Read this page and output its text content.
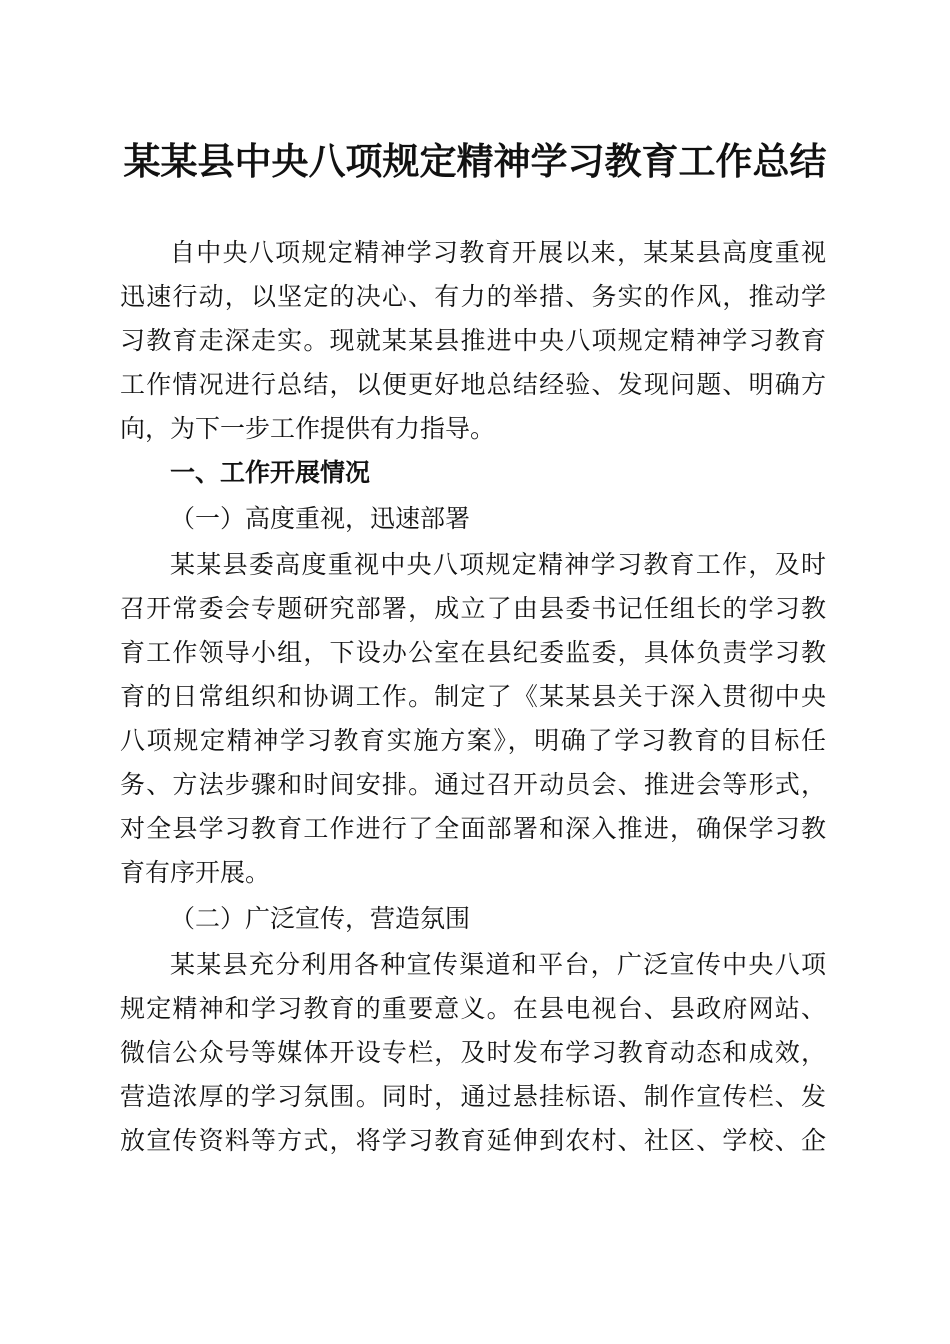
某某县中央八项规定精神学习教育工作总结
自中央八项规定精神学习教育开展以来，某某县高度重视
迅速行动，以坚定的决心、有力的举措、务实的作风，推动学
习教育走深走实。现就某某县推进中央八项规定精神学习教育
工作情况进行总结，以便更好地总结经验、发现问题、明确方
向，为下一步工作提供有力指导。
一、工作开展情况
（一）高度重视，迅速部署
某某县委高度重视中央八项规定精神学习教育工作，及时
召开常委会专题研究部署，成立了由县委书记任组长的学习教
育工作领导小组，下设办公室在县纪委监委，具体负责学习教
育的日常组织和协调工作。制定了《某某县关于深入贯彻中央
八项规定精神学习教育实施方案》，明确了学习教育的目标任
务、方法步骤和时间安排。通过召开动员会、推进会等形式，
对全县学习教育工作进行了全面部署和深入推进，确保学习教
育有序开展。
（二）广泛宣传，营造氛围
某某县充分利用各种宣传渠道和平台，广泛宣传中央八项
规定精神和学习教育的重要意义。在县电视台、县政府网站、
微信公众号等媒体开设专栏，及时发布学习教育动态和成效，
营造浓厚的学习氛围。同时，通过悬挂标语、制作宣传栏、发
放宣传资料等方式，将学习教育延伸到农村、社区、学校、企
